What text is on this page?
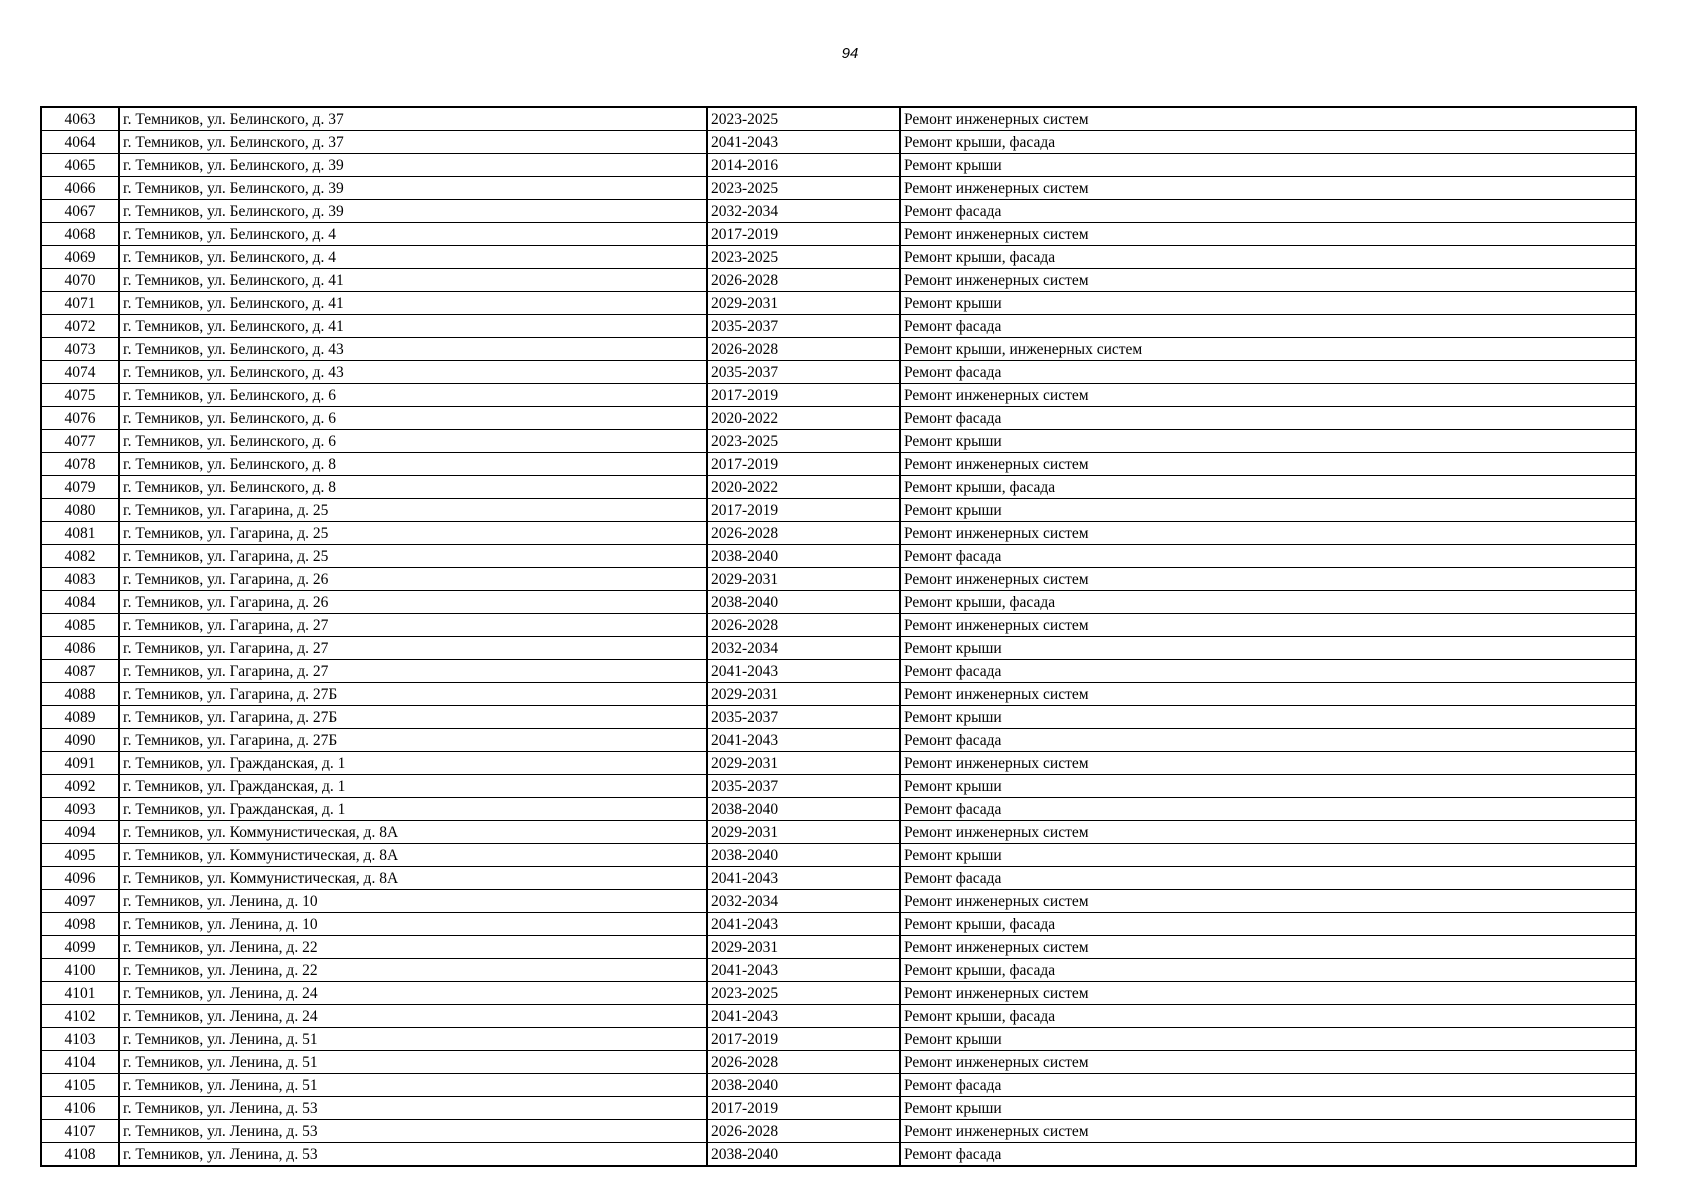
94
4063	г. Темников, ул. Белинского, д. 37	2023-2025	Ремонт инженерных систем
4064	г. Темников, ул. Белинского, д. 37	2041-2043	Ремонт крыши, фасада
4065	г. Темников, ул. Белинского, д. 39	2014-2016	Ремонт крыши
4066	г. Темников, ул. Белинского, д. 39	2023-2025	Ремонт инженерных систем
4067	г. Темников, ул. Белинского, д. 39	2032-2034	Ремонт фасада
4068	г. Темников, ул. Белинского, д. 4	2017-2019	Ремонт инженерных систем
4069	г. Темников, ул. Белинского, д. 4	2023-2025	Ремонт крыши, фасада
4070	г. Темников, ул. Белинского, д. 41	2026-2028	Ремонт инженерных систем
4071	г. Темников, ул. Белинского, д. 41	2029-2031	Ремонт крыши
4072	г. Темников, ул. Белинского, д. 41	2035-2037	Ремонт фасада
4073	г. Темников, ул. Белинского, д. 43	2026-2028	Ремонт крыши, инженерных систем
4074	г. Темников, ул. Белинского, д. 43	2035-2037	Ремонт фасада
4075	г. Темников, ул. Белинского, д. 6	2017-2019	Ремонт инженерных систем
4076	г. Темников, ул. Белинского, д. 6	2020-2022	Ремонт фасада
4077	г. Темников, ул. Белинского, д. 6	2023-2025	Ремонт крыши
4078	г. Темников, ул. Белинского, д. 8	2017-2019	Ремонт инженерных систем
4079	г. Темников, ул. Белинского, д. 8	2020-2022	Ремонт крыши, фасада
4080	г. Темников, ул. Гагарина, д. 25	2017-2019	Ремонт крыши
4081	г. Темников, ул. Гагарина, д. 25	2026-2028	Ремонт инженерных систем
4082	г. Темников, ул. Гагарина, д. 25	2038-2040	Ремонт фасада
4083	г. Темников, ул. Гагарина, д. 26	2029-2031	Ремонт инженерных систем
4084	г. Темников, ул. Гагарина, д. 26	2038-2040	Ремонт крыши, фасада
4085	г. Темников, ул. Гагарина, д. 27	2026-2028	Ремонт инженерных систем
4086	г. Темников, ул. Гагарина, д. 27	2032-2034	Ремонт крыши
4087	г. Темников, ул. Гагарина, д. 27	2041-2043	Ремонт фасада
4088	г. Темников, ул. Гагарина, д. 27Б	2029-2031	Ремонт инженерных систем
4089	г. Темников, ул. Гагарина, д. 27Б	2035-2037	Ремонт крыши
4090	г. Темников, ул. Гагарина, д. 27Б	2041-2043	Ремонт фасада
4091	г. Темников, ул. Гражданская, д. 1	2029-2031	Ремонт инженерных систем
4092	г. Темников, ул. Гражданская, д. 1	2035-2037	Ремонт крыши
4093	г. Темников, ул. Гражданская, д. 1	2038-2040	Ремонт фасада
4094	г. Темников, ул. Коммунистическая, д. 8А	2029-2031	Ремонт инженерных систем
4095	г. Темников, ул. Коммунистическая, д. 8А	2038-2040	Ремонт крыши
4096	г. Темников, ул. Коммунистическая, д. 8А	2041-2043	Ремонт фасада
4097	г. Темников, ул. Ленина, д. 10	2032-2034	Ремонт инженерных систем
4098	г. Темников, ул. Ленина, д. 10	2041-2043	Ремонт крыши, фасада
4099	г. Темников, ул. Ленина, д. 22	2029-2031	Ремонт инженерных систем
4100	г. Темников, ул. Ленина, д. 22	2041-2043	Ремонт крыши, фасада
4101	г. Темников, ул. Ленина, д. 24	2023-2025	Ремонт инженерных систем
4102	г. Темников, ул. Ленина, д. 24	2041-2043	Ремонт крыши, фасада
4103	г. Темников, ул. Ленина, д. 51	2017-2019	Ремонт крыши
4104	г. Темников, ул. Ленина, д. 51	2026-2028	Ремонт инженерных систем
4105	г. Темников, ул. Ленина, д. 51	2038-2040	Ремонт фасада
4106	г. Темников, ул. Ленина, д. 53	2017-2019	Ремонт крыши
4107	г. Темников, ул. Ленина, д. 53	2026-2028	Ремонт инженерных систем
4108	г. Темников, ул. Ленина, д. 53	2038-2040	Ремонт фасада
